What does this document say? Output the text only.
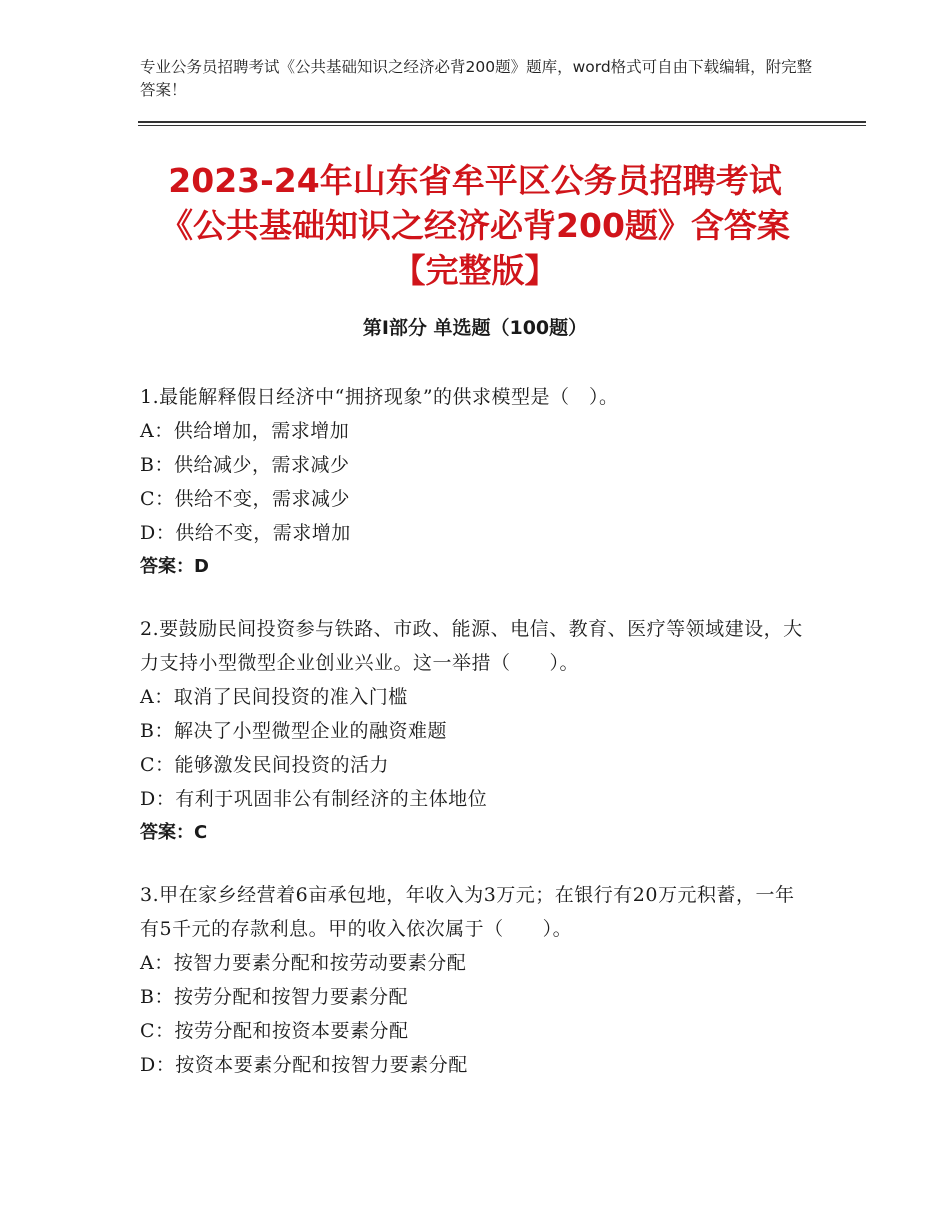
专业公务员招聘考试《公共基础知识之经济必背200题》题库，word格式可自由下载编辑，附完整答案！
2023-24年山东省牟平区公务员招聘考试
《公共基础知识之经济必背200题》含答案
【完整版】
第Ⅰ部分 单选题（100题）
1.最能解释假日经济中“拥挤现象”的供求模型是（　）。
A：供给增加，需求增加
B：供给减少，需求减少
C：供给不变，需求减少
D：供给不变，需求增加
答案：D
2.要鼓励民间投资参与铁路、市政、能源、电信、教育、医疗等领域建设，大力支持小型微型企业创业兴业。这一举措（　　）。
A：取消了民间投资的准入门槛
B：解决了小型微型企业的融资难题
C：能够激发民间投资的活力
D：有利于巩固非公有制经济的主体地位
答案：C
3.甲在家乡经营着6亩承包地，年收入为3万元；在银行有20万元积蓄，一年有5千元的存款利息。甲的收入依次属于（　　）。
A：按智力要素分配和按劳动要素分配
B：按劳分配和按智力要素分配
C：按劳分配和按资本要素分配
D：按资本要素分配和按智力要素分配
